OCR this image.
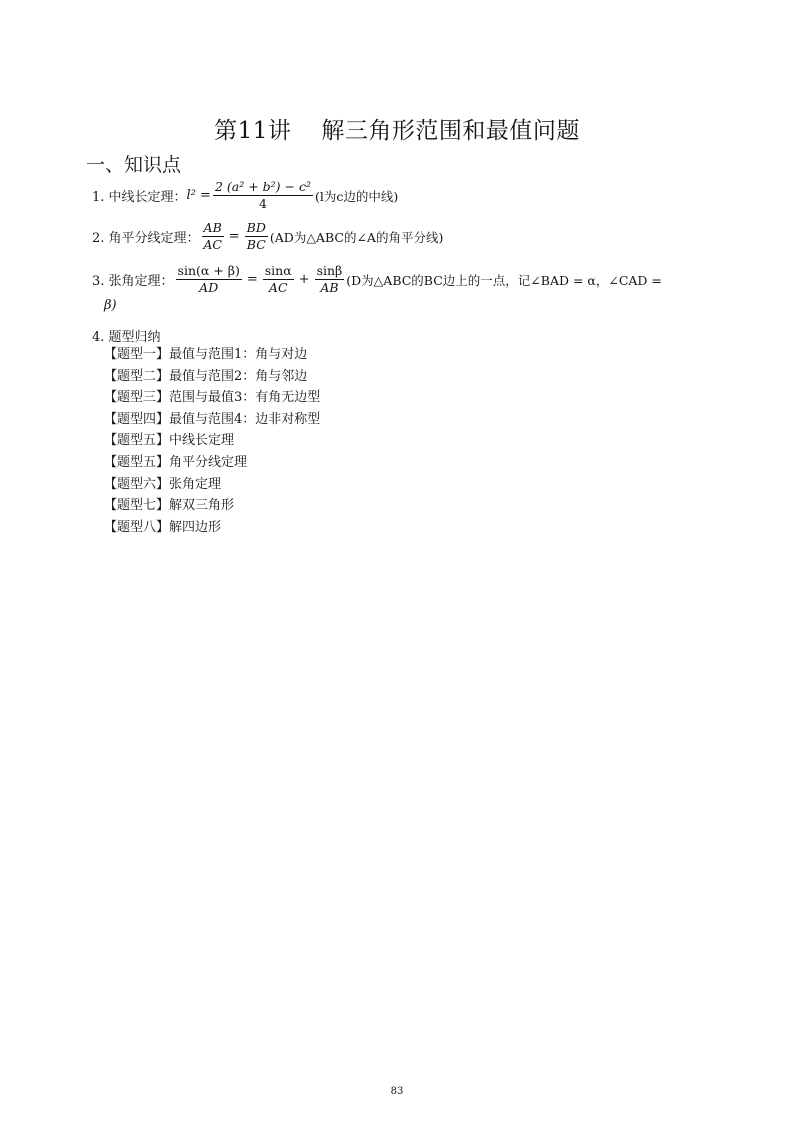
第11讲 解三角形范围和最值问题
一、知识点
1. 中线长定理： $l^2 = \frac{\text{2 (a² + b²) − c²}}{4} (l$为c边的中线)
2. 角平分线定理： $\frac{AB}{AC} = \frac{BD}{BC} (AD$为△ABC的∠A的角平分线)
3. 张角定理： $\frac{\sin(\alpha + \beta)}{AD} = \frac{\sin\alpha}{AC} + \frac{\sin\beta}{AB} (D$为△ABC的BC边上的一点，记∠BAD = α，∠CAD =
β)
4. 题型归纳
【题型一】最值与范围1：角与对边
【题型二】最值与范围2：角与邻边
【题型三】范围与最值3：有角无边型
【题型四】最值与范围4：边非对称型
【题型五】中线长定理
【题型五】角平分线定理
【题型六】张角定理
【题型七】解双三角形
【题型八】解四边形
83
